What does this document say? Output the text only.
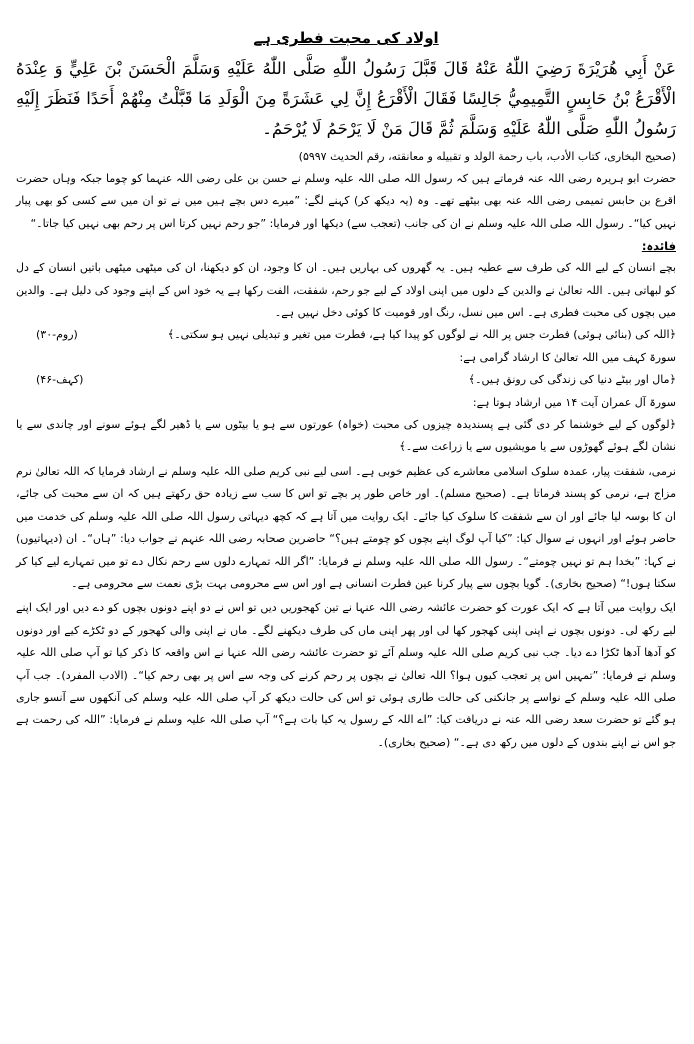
اولاد کی محبت فطری ہے

عَنْ أَبِي هُرَيْرَةَ رَضِيَ اللّٰهُ عَنْهُ قَالَ قَبَّلَ رَسُولُ اللّٰهِ صَلَّى اللّٰهُ عَلَيْهِ وَسَلَّمَ الْحَسَنَ بْنَ عَلِيٍّ وَ عِنْدَهُ الْأَقْرَعُ بْنُ حَابِسٍ التَّمِيمِيُّ جَالِسًا فَقَالَ الْأَقْرَعُ إِنَّ لِي عَشَرَةً مِنَ الْوَلَدِ مَا قَبَّلْتُ مِنْهُمْ أَحَدًا فَنَظَرَ إِلَيْهِ رَسُولُ اللّٰهِ صَلَّى اللّٰهُ عَلَيْهِ وَسَلَّمَ ثُمَّ قَالَ مَنْ لَا يَرْحَمُ لَا يُرْحَمُ۔

(صحیح البخاری، کتاب الأدب، باب رحمة الولد و تقبیله و معانقته، رقم الحدیث ۵۹۹۷)

حضرت ابو ہریرہ رضی اللہ عنہ فرماتے ہیں کہ رسول اللہ صلی اللہ علیہ وسلم نے حسن بن علی رضی اللہ عنہما کو چوما جبکہ وہاں حضرت اقرع بن حابس تمیمی رضی اللہ عنہ بھی بیٹھے تھے۔ وہ (یہ دیکھ کر) کہنے لگے: ”میرے دس بچے ہیں میں نے تو ان میں سے کسی کو بھی پیار نہیں کیا“۔ رسول اللہ صلی اللہ علیہ وسلم نے ان کی جانب (تعجب سے) دیکھا اور فرمایا: ”جو رحم نہیں کرتا اس پر رحم بھی نہیں کیا جاتا۔“

فائدہ:

بچے انسان کے لیے اللہ کی طرف سے عطیہ ہیں۔ یہ گھروں کی بہاریں ہیں۔ ان کا وجود، ان کو دیکھنا، ان کی میٹھی میٹھی باتیں انسان کے دل کو لبھاتی ہیں۔ اللہ تعالیٰ نے والدین کے دلوں میں اپنی اولاد کے لیے جو رحم، شفقت، الفت رکھا ہے یہ خود اس کے اپنے وجود کی دلیل ہے۔ والدین میں بچوں کی محبت فطری ہے۔ اس میں نسل، رنگ اور قومیت کا کوئی دخل نہیں ہے۔

﴿اللہ کی (بنائی ہوئی) فطرت جس پر اللہ نے لوگوں کو پیدا کیا ہے، فطرت میں تغیر و تبدیلی نہیں ہو سکتی۔﴾
(روم-۳۰)

سورۃ کہف میں اللہ تعالیٰ کا ارشاد گرامی ہے:

﴿مال اور بیٹے دنیا کی زندگی کی رونق ہیں۔﴾
(کہف-۴۶)

سورۃ آل عمران آیت ۱۴ میں ارشاد ہوتا ہے:

﴿لوگوں کے لیے خوشنما کر دی گئی ہے پسندیدہ چیزوں کی محبت (خواہ) عورتوں سے ہو یا بیٹوں سے یا ڈھیر لگے ہوئے سونے اور چاندی سے یا نشان لگے ہوئے گھوڑوں سے یا مویشیوں سے یا زراعت سے۔﴾

نرمی، شفقت پیار، عمدہ سلوک اسلامی معاشرے کی عظیم خوبی ہے۔ اسی لیے نبی کریم صلی اللہ علیہ وسلم نے ارشاد فرمایا کہ اللہ تعالیٰ نرم مزاج ہے، نرمی کو پسند فرماتا ہے۔ (صحیح مسلم)۔ اور خاص طور پر بچے تو اس کا سب سے زیادہ حق رکھتے ہیں کہ ان سے محبت کی جائے، ان کا بوسہ لیا جائے اور ان سے شفقت کا سلوک کیا جائے۔ ایک روایت میں آتا ہے کہ کچھ دیہاتی رسول اللہ صلی اللہ علیہ وسلم کی خدمت میں حاضر ہوئے اور انہوں نے سوال کیا: ”کیا آپ لوگ اپنے بچوں کو چومتے ہیں؟“ حاضرین صحابہ رضی اللہ عنہم نے جواب دیا: ”ہاں“۔ ان (دیہاتیوں) نے کہا: ”بخدا ہم تو نہیں چومتے“۔ رسول اللہ صلی اللہ علیہ وسلم نے فرمایا: ”اگر اللہ تمہارے دلوں سے رحم نکال دے تو میں تمہارے لیے کیا کر سکتا ہوں!“ (صحیح بخاری)۔ گویا بچوں سے پیار کرنا عین فطرت انسانی ہے اور اس سے محرومی بہت بڑی نعمت سے محرومی ہے۔

ایک روایت میں آتا ہے کہ ایک عورت کو حضرت عائشہ رضی اللہ عنہا نے تین کھجوریں دیں تو اس نے دو اپنے دونوں بچوں کو دے دیں اور ایک اپنے لیے رکھ لی۔ دونوں بچوں نے اپنی اپنی کھجور کھا لی اور پھر اپنی ماں کی طرف دیکھنے لگے۔ ماں نے اپنی والی کھجور کے دو ٹکڑے کیے اور دونوں کو آدھا آدھا ٹکڑا دے دیا۔ جب نبی کریم صلی اللہ علیہ وسلم آئے تو حضرت عائشہ رضی اللہ عنہا نے اس واقعہ کا ذکر کیا تو آپ صلی اللہ علیہ وسلم نے فرمایا: ”تمہیں اس پر تعجب کیوں ہوا؟ اللہ تعالیٰ نے بچوں پر رحم کرنے کی وجہ سے اس پر بھی رحم کیا“۔ (الادب المفرد)۔ جب آپ صلی اللہ علیہ وسلم کے نواسے پر جانکنی کی حالت طاری ہوئی تو اس کی حالت دیکھ کر آپ صلی اللہ علیہ وسلم کی آنکھوں سے آنسو جاری ہو گئے تو حضرت سعد رضی اللہ عنہ نے دریافت کیا: ”اے اللہ کے رسول یہ کیا بات ہے؟“ آپ صلی اللہ علیہ وسلم نے فرمایا: ”اللہ کی رحمت ہے جو اس نے اپنے بندوں کے دلوں میں رکھ دی ہے۔“ (صحیح بخاری)۔
